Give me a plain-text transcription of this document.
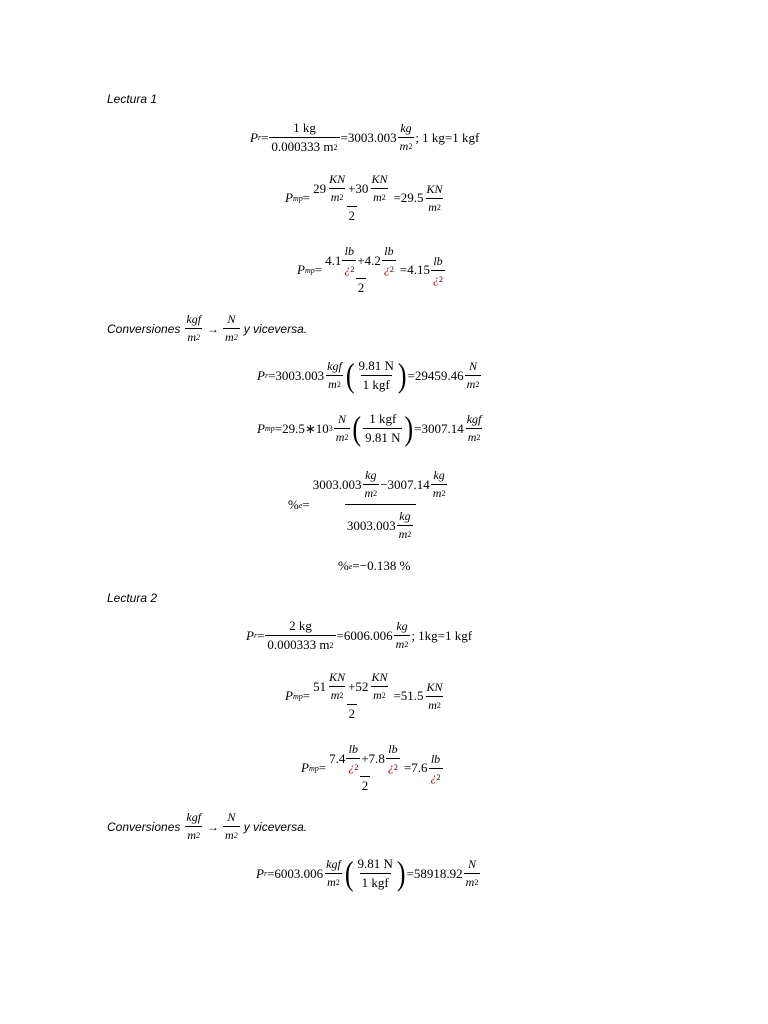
Lectura 1
P $r = \frac{1 kg}{0.000333 m 2} =3003.003 \frac{kg}{m 2}$ ; 1 kg=1 kgf
P mp = $\frac{29 \frac{KN}{m 2} +30 \frac{KN}{m 2}}{2} =29.5 \frac{KN}{m 2}$
P mp = $\frac{4.1 \frac{lb}{¿ 2} +4.2 \frac{lb}{¿ 2}}{2} =4.15 \frac{lb}{¿ 2}$
Conversiones $\frac{\text{kgf}}{m 2} \to \frac{N}{m 2}$ y viceversa.
P $r =3003.003 \frac{\text{kgf}}{m 2}$ ( $\frac{9.81 N}{\text{1 kgf}}$ ) $=29459.46 \frac{N}{m 2}$
P mp =29.5∗10 $3 \frac{N}{m 2}$ ( $\frac{\text{1 kgf}}{9.81 N}$ ) $=3007.14 \frac{\text{kgf}}{m 2}$
% $e = \frac{3003.003 \frac{kg}{m 2} -3007.14 \frac{kg}{m 2}}{3003.003 \frac{kg}{m 2}}$
% e =−0.138 %
Lectura 2
P $r = \frac{2 kg}{0.000333 m 2} =6006.006 \frac{kg}{m 2}$ ; 1kg=1 kgf
P mp = $\frac{51 \frac{KN}{m 2} +52 \frac{KN}{m 2}}{2} =51.5 \frac{KN}{m 2}$
P mp = $\frac{7.4 \frac{lb}{¿ 2} +7.8 \frac{lb}{¿ 2}}{2} =7.6 \frac{lb}{¿ 2}$
Conversiones $\frac{\text{kgf}}{m 2} \to \frac{N}{m 2}$ y viceversa.
P $r =6003.006 \frac{\text{kgf}}{m 2}$ ( $\frac{9.81 N}{\text{1 kgf}}$ ) $=58918.92 \frac{N}{m 2}$
